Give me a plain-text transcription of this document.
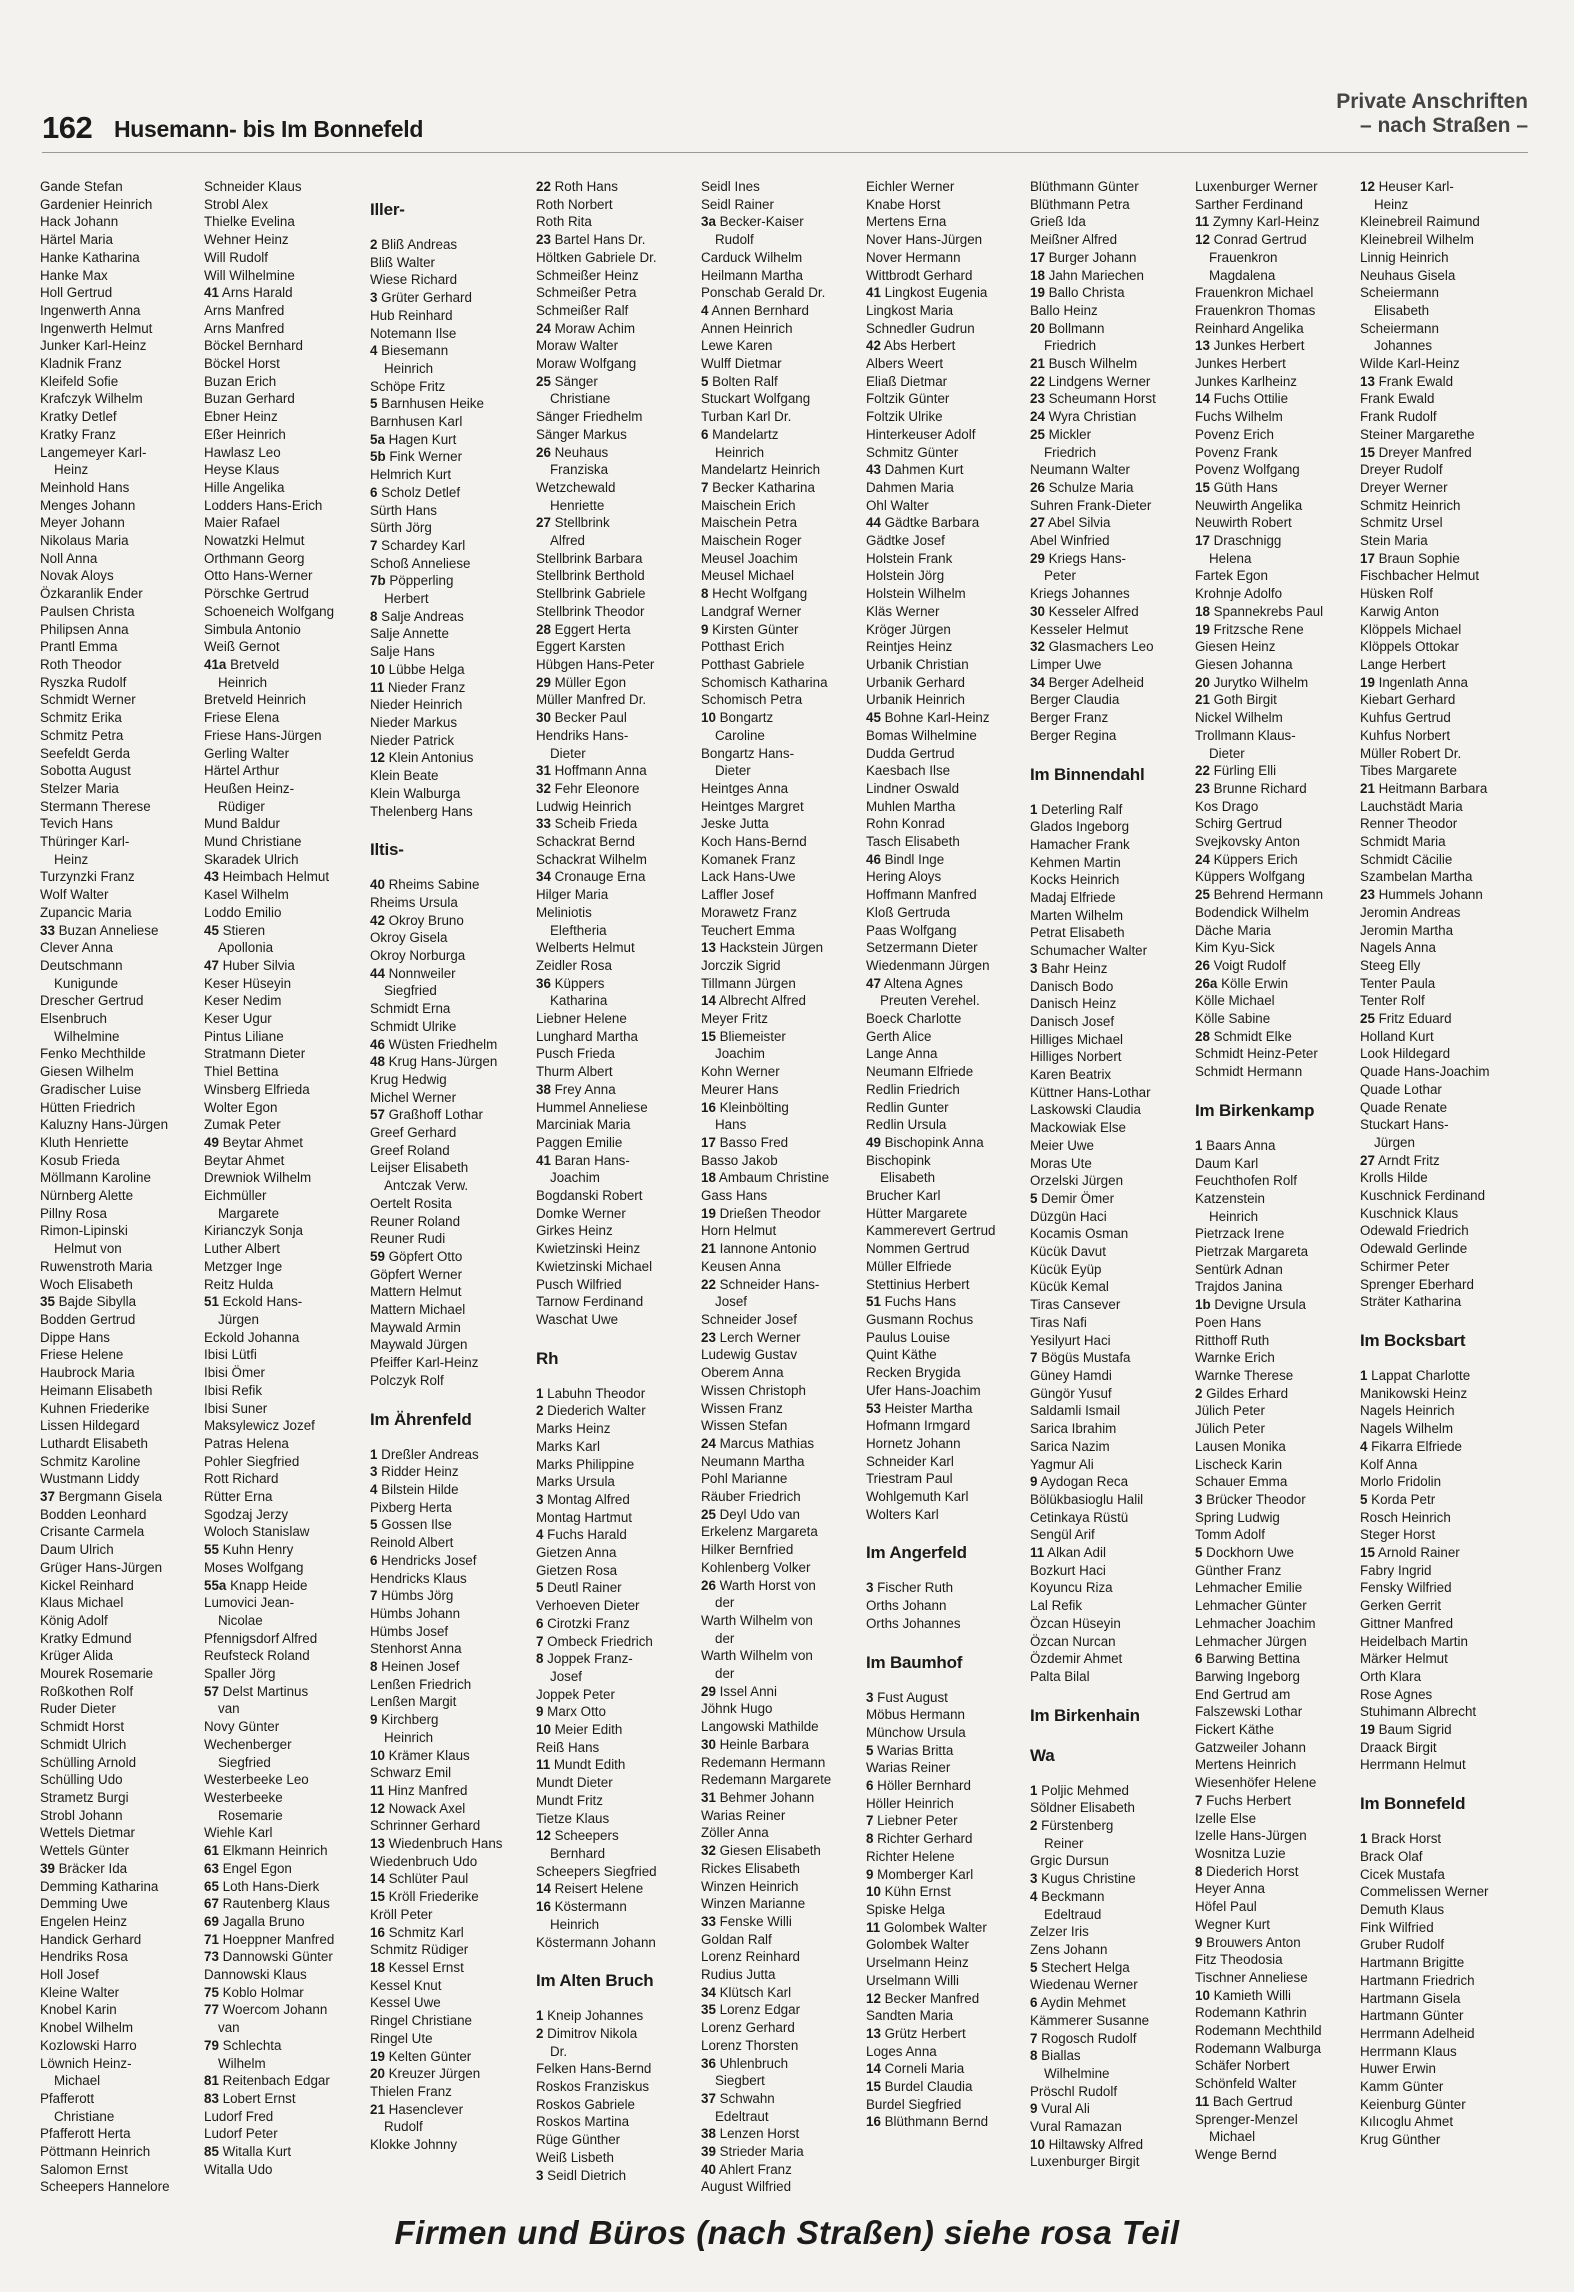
162 Husemann- bis Im Bonnefeld
Private Anschriften
– nach Straßen –
Gande Stefan
Gardenier Heinrich
Hack Johann
Härtel Maria
Hanke Katharina
Hanke Max
Holl Gertrud
Ingenwerth Anna
Ingenwerth Helmut
Junker Karl-Heinz
Kladnik Franz
Kleifeld Sofie
Krafczyk Wilhelm
Kratky Detlef
Kratky Franz
Langemeyer Karl-
Heinz
Meinhold Hans
Menges Johann
Meyer Johann
Nikolaus Maria
Noll Anna
Novak Aloys
Özkaranlik Ender
Paulsen Christa
Philipsen Anna
Prantl Emma
Roth Theodor
Ryszka Rudolf
Schmidt Werner
Schmitz Erika
Schmitz Petra
Seefeldt Gerda
Sobotta August
Stelzer Maria
Stermann Therese
Tevich Hans
Thüringer Karl-
Heinz
Turzynzki Franz
Wolf Walter
Zupancic Maria
33 Buzan Anneliese
Clever Anna
Deutschmann
Kunigunde
Drescher Gertrud
Elsenbruch
Wilhelmine
Fenko Mechthilde
Giesen Wilhelm
Gradischer Luise
Hütten Friedrich
Kaluzny Hans-Jürgen
Kluth Henriette
Kosub Frieda
Möllmann Karoline
Nürnberg Alette
Pillny Rosa
Rimon-Lipinski
Helmut von
Ruwenstroth Maria
Woch Elisabeth
35 Bajde Sibylla
Bodden Gertrud
Dippe Hans
Friese Helene
Haubrock Maria
Heimann Elisabeth
Kuhnen Friederike
Lissen Hildegard
Luthardt Elisabeth
Schmitz Karoline
Wustmann Liddy
37 Bergmann Gisela
Bodden Leonhard
Crisante Carmela
Daum Ulrich
Grüger Hans-Jürgen
Kickel Reinhard
Klaus Michael
König Adolf
Kratky Edmund
Krüger Alida
Mourek Rosemarie
Roßkothen Rolf
Ruder Dieter
Schmidt Horst
Schmidt Ulrich
Schülling Arnold
Schülling Udo
Strametz Burgi
Strobl Johann
Wettels Dietmar
Wettels Günter
39 Bräcker Ida
Demming Katharina
Demming Uwe
Engelen Heinz
Handick Gerhard
Hendriks Rosa
Holl Josef
Kleine Walter
Knobel Karin
Knobel Wilhelm
Kozlowski Harro
Löwnich Heinz-
Michael
Pfafferott
Christiane
Pfafferott Herta
Pöttmann Heinrich
Salomon Ernst
Scheepers Hannelore
Schneider Klaus
Strobl Alex
Thielke Evelina
Wehner Heinz
Will Rudolf
Will Wilhelmine
41 Arns Harald
Arns Manfred
Arns Manfred
Böckel Bernhard
Böckel Horst
Buzan Erich
Buzan Gerhard
Ebner Heinz
Eßer Heinrich
Hawlasz Leo
Heyse Klaus
Hille Angelika
Lodders Hans-Erich
Maier Rafael
Nowatzki Helmut
Orthmann Georg
Otto Hans-Werner
Pörschke Gertrud
Schoeneich Wolfgang
Simbula Antonio
Weiß Gernot
41a Bretveld
Heinrich
Bretveld Heinrich
Friese Elena
Friese Hans-Jürgen
Gerling Walter
Härtel Arthur
Heußen Heinz-
Rüdiger
Mund Baldur
Mund Christiane
Skaradek Ulrich
43 Heimbach Helmut
Kasel Wilhelm
Loddo Emilio
45 Stieren
Apollonia
47 Huber Silvia
Keser Hüseyin
Keser Nedim
Keser Ugur
Pintus Liliane
Stratmann Dieter
Thiel Bettina
Winsberg Elfrieda
Wolter Egon
Zumak Peter
49 Beytar Ahmet
Beytar Ahmet
Drewniok Wilhelm
Eichmüller
Margarete
Kirianczyk Sonja
Luther Albert
Metzger Inge
Reitz Hulda
51 Eckold Hans-
Jürgen
Eckold Johanna
Ibisi Lütfi
Ibisi Ömer
Ibisi Refik
Ibisi Suner
Maksylewicz Jozef
Patras Helena
Pohler Siegfried
Rott Richard
Rütter Erna
Sgodzaj Jerzy
Woloch Stanislaw
55 Kuhn Henry
Moses Wolfgang
55a Knapp Heide
Lumovici Jean-
Nicolae
Pfennigsdorf Alfred
Reufsteck Roland
Spaller Jörg
57 Delst Martinus
van
Novy Günter
Wechenberger
Siegfried
Westerbeeke Leo
Westerbeeke
Rosemarie
Wiehle Karl
61 Elkmann Heinrich
63 Engel Egon
65 Loth Hans-Dierk
67 Rautenberg Klaus
69 Jagalla Bruno
71 Hoeppner Manfred
73 Dannowski Günter
Dannowski Klaus
75 Koblo Holmar
77 Woercom Johann
van
79 Schlechta
Wilhelm
81 Reitenbach Edgar
83 Lobert Ernst
Ludorf Fred
Ludorf Peter
85 Witalla Kurt
Witalla Udo
Iller-
2 Bliß Andreas
Bliß Walter
Wiese Richard
3 Grüter Gerhard
Hub Reinhard
Notemann Ilse
4 Biesemann
Heinrich
Schöpe Fritz
5 Barnhusen Heike
Barnhusen Karl
5a Hagen Kurt
5b Fink Werner
Helmrich Kurt
6 Scholz Detlef
Sürth Hans
Sürth Jörg
7 Schardey Karl
Schoß Anneliese
7b Pöpperling
Herbert
8 Salje Andreas
Salje Annette
Salje Hans
10 Lübbe Helga
11 Nieder Franz
Nieder Heinrich
Nieder Markus
Nieder Patrick
12 Klein Antonius
Klein Beate
Klein Walburga
Thelenberg Hans
Iltis-
40 Rheims Sabine
Rheims Ursula
42 Okroy Bruno
Okroy Gisela
Okroy Norburga
44 Nonnweiler
Siegfried
Schmidt Erna
Schmidt Ulrike
46 Wüsten Friedhelm
48 Krug Hans-Jürgen
Krug Hedwig
Michel Werner
57 Graßhoff Lothar
Greef Gerhard
Greef Roland
Leijser Elisabeth
Antczak Verw.
Oertelt Rosita
Reuner Roland
Reuner Rudi
59 Göpfert Otto
Göpfert Werner
Mattern Helmut
Mattern Michael
Maywald Armin
Maywald Jürgen
Pfeiffer Karl-Heinz
Polczyk Rolf
Im Ährenfeld
1 Dreßler Andreas
3 Ridder Heinz
4 Bilstein Hilde
Pixberg Herta
5 Gossen Ilse
Reinold Albert
6 Hendricks Josef
Hendricks Klaus
7 Hümbs Jörg
Hümbs Johann
Hümbs Josef
Stenhorst Anna
8 Heinen Josef
Lenßen Friedrich
Lenßen Margit
9 Kirchberg
Heinrich
10 Krämer Klaus
Schwarz Emil
11 Hinz Manfred
12 Nowack Axel
Schrinner Gerhard
13 Wiedenbruch Hans
Wiedenbruch Udo
14 Schlüter Paul
15 Kröll Friederike
Kröll Peter
16 Schmitz Karl
Schmitz Rüdiger
18 Kessel Ernst
Kessel Knut
Kessel Uwe
Ringel Christiane
Ringel Ute
19 Kelten Günter
20 Kreuzer Jürgen
Thielen Franz
21 Hasenclever
Rudolf
Klokke Johnny
22 Roth Hans
Roth Norbert
Roth Rita
23 Bartel Hans Dr.
Höltken Gabriele Dr.
Schmeißer Heinz
Schmeißer Petra
Schmeißer Ralf
24 Moraw Achim
Moraw Walter
Moraw Wolfgang
25 Sänger
Christiane
Sänger Friedhelm
Sänger Markus
26 Neuhaus
Franziska
Wetzchewald
Henriette
27 Stellbrink
Alfred
Stellbrink Barbara
Stellbrink Berthold
Stellbrink Gabriele
Stellbrink Theodor
28 Eggert Herta
Eggert Karsten
Hübgen Hans-Peter
29 Müller Egon
Müller Manfred Dr.
30 Becker Paul
Hendriks Hans-
Dieter
31 Hoffmann Anna
32 Fehr Eleonore
Ludwig Heinrich
33 Scheib Frieda
Schackrat Bernd
Schackrat Wilhelm
34 Cronauge Erna
Hilger Maria
Meliniotis
Eleftheria
Welberts Helmut
Zeidler Rosa
36 Küppers
Katharina
Liebner Helene
Lunghard Martha
Pusch Frieda
Thurm Albert
38 Frey Anna
Hummel Anneliese
Marciniak Maria
Paggen Emilie
41 Baran Hans-
Joachim
Bogdanski Robert
Domke Werner
Girkes Heinz
Kwietzinski Heinz
Kwietzinski Michael
Pusch Wilfried
Tarnow Ferdinand
Waschat Uwe
Rh
1 Labuhn Theodor
2 Diederich Walter
Marks Heinz
Marks Karl
Marks Philippine
Marks Ursula
3 Montag Alfred
Montag Hartmut
4 Fuchs Harald
Gietzen Anna
Gietzen Rosa
5 Deutl Rainer
Verhoeven Dieter
6 Cirotzki Franz
7 Ombeck Friedrich
8 Joppek Franz-
Josef
Joppek Peter
9 Marx Otto
10 Meier Edith
Reiß Hans
11 Mundt Edith
Mundt Dieter
Mundt Fritz
Tietze Klaus
12 Scheepers
Bernhard
Scheepers Siegfried
14 Reisert Helene
16 Köstermann
Heinrich
Köstermann Johann
Im Alten Bruch
1 Kneip Johannes
2 Dimitrov Nikola
Dr.
Felken Hans-Bernd
Roskos Franziskus
Roskos Gabriele
Roskos Martina
Rüge Günther
Weiß Lisbeth
3 Seidl Dietrich
Seidl Ines
Seidl Rainer
3a Becker-Kaiser
Rudolf
Carduck Wilhelm
Heilmann Martha
Ponschab Gerald Dr.
4 Annen Bernhard
Annen Heinrich
Lewe Karen
Wulff Dietmar
5 Bolten Ralf
Stuckart Wolfgang
Turban Karl Dr.
6 Mandelartz
Heinrich
Mandelartz Heinrich
7 Becker Katharina
Maischein Erich
Maischein Petra
Maischein Roger
Meusel Joachim
Meusel Michael
8 Hecht Wolfgang
Landgraf Werner
9 Kirsten Günter
Potthast Erich
Potthast Gabriele
Schomisch Katharina
Schomisch Petra
10 Bongartz
Caroline
Bongartz Hans-
Dieter
Heintges Anna
Heintges Margret
Jeske Jutta
Koch Hans-Bernd
Komanek Franz
Lack Hans-Uwe
Laffler Josef
Morawetz Franz
Teuchert Emma
13 Hackstein Jürgen
Jorczik Sigrid
Tillmann Jürgen
14 Albrecht Alfred
Meyer Fritz
15 Bliemeister
Joachim
Kohn Werner
Meurer Hans
16 Kleinbölting
Hans
17 Basso Fred
Basso Jakob
18 Ambaum Christine
Gass Hans
19 Drießen Theodor
Horn Helmut
21 Iannone Antonio
Keusen Anna
22 Schneider Hans-
Josef
Schneider Josef
23 Lerch Werner
Ludewig Gustav
Oberem Anna
Wissen Christoph
Wissen Franz
Wissen Stefan
24 Marcus Mathias
Neumann Martha
Pohl Marianne
Räuber Friedrich
25 Deyl Udo van
Erkelenz Margareta
Hilker Bernfried
Kohlenberg Volker
26 Warth Horst von
der
Warth Wilhelm von
der
Warth Wilhelm von
der
29 Issel Anni
Jöhnk Hugo
Langowski Mathilde
30 Heinle Barbara
Redemann Hermann
Redemann Margarete
31 Behmer Johann
Warias Reiner
Zöller Anna
32 Giesen Elisabeth
Rickes Elisabeth
Winzen Heinrich
Winzen Marianne
33 Fenske Willi
Goldan Ralf
Lorenz Reinhard
Rudius Jutta
34 Klütsch Karl
35 Lorenz Edgar
Lorenz Gerhard
Lorenz Thorsten
36 Uhlenbruch
Siegbert
37 Schwahn
Edeltraut
38 Lenzen Horst
39 Strieder Maria
40 Ahlert Franz
August Wilfried
Eichler Werner
Knabe Horst
Mertens Erna
Nover Hans-Jürgen
Nover Hermann
Wittbrodt Gerhard
41 Lingkost Eugenia
Lingkost Maria
Schnedler Gudrun
42 Abs Herbert
Albers Weert
Eliaß Dietmar
Foltzik Günter
Foltzik Ulrike
Hinterkeuser Adolf
Schmitz Günter
43 Dahmen Kurt
Dahmen Maria
Ohl Walter
44 Gädtke Barbara
Gädtke Josef
Holstein Frank
Holstein Jörg
Holstein Wilhelm
Kläs Werner
Kröger Jürgen
Reintjes Heinz
Urbanik Christian
Urbanik Gerhard
Urbanik Heinrich
45 Bohne Karl-Heinz
Bomas Wilhelmine
Dudda Gertrud
Kaesbach Ilse
Lindner Oswald
Muhlen Martha
Rohn Konrad
Tasch Elisabeth
46 Bindl Inge
Hering Aloys
Hoffmann Manfred
Kloß Gertruda
Paas Wolfgang
Setzermann Dieter
Wiedenmann Jürgen
47 Altena Agnes
Preuten Verehel.
Boeck Charlotte
Gerth Alice
Lange Anna
Neumann Elfriede
Redlin Friedrich
Redlin Gunter
Redlin Ursula
49 Bischopink Anna
Bischopink
Elisabeth
Brucher Karl
Hütter Margarete
Kammerevert Gertrud
Nommen Gertrud
Müller Elfriede
Stettinius Herbert
51 Fuchs Hans
Gusmann Rochus
Paulus Louise
Quint Käthe
Recken Brygida
Ufer Hans-Joachim
53 Heister Martha
Hofmann Irmgard
Hornetz Johann
Schneider Karl
Triestram Paul
Wohlgemuth Karl
Wolters Karl
Im Angerfeld
3 Fischer Ruth
Orths Johann
Orths Johannes
Im Baumhof
3 Fust August
Möbus Hermann
Münchow Ursula
5 Warias Britta
Warias Reiner
6 Höller Bernhard
Höller Heinrich
7 Liebner Peter
8 Richter Gerhard
Richter Helene
9 Momberger Karl
10 Kühn Ernst
Spiske Helga
11 Golombek Walter
Golombek Walter
Urselmann Heinz
Urselmann Willi
12 Becker Manfred
Sandten Maria
13 Grütz Herbert
Loges Anna
14 Corneli Maria
15 Burdel Claudia
Burdel Siegfried
16 Blüthmann Bernd
Blüthmann Günter
Blüthmann Petra
Grieß Ida
Meißner Alfred
17 Burger Johann
18 Jahn Mariechen
19 Ballo Christa
Ballo Heinz
20 Bollmann
Friedrich
21 Busch Wilhelm
22 Lindgens Werner
23 Scheumann Horst
24 Wyra Christian
25 Mickler
Friedrich
Neumann Walter
26 Schulze Maria
Suhren Frank-Dieter
27 Abel Silvia
Abel Winfried
29 Kriegs Hans-
Peter
Kriegs Johannes
30 Kesseler Alfred
Kesseler Helmut
32 Glasmachers Leo
Limper Uwe
34 Berger Adelheid
Berger Claudia
Berger Franz
Berger Regina
Im Binnendahl
1 Deterling Ralf
Glados Ingeborg
Hamacher Frank
Kehmen Martin
Kocks Heinrich
Madaj Elfriede
Marten Wilhelm
Petrat Elisabeth
Schumacher Walter
3 Bahr Heinz
Danisch Bodo
Danisch Heinz
Danisch Josef
Hilliges Michael
Hilliges Norbert
Karen Beatrix
Küttner Hans-Lothar
Laskowski Claudia
Mackowiak Else
Meier Uwe
Moras Ute
Orzelski Jürgen
5 Demir Ömer
Düzgün Haci
Kocamis Osman
Kücük Davut
Kücük Eyüp
Kücük Kemal
Tiras Cansever
Tiras Nafi
Yesilyurt Haci
7 Bögüs Mustafa
Güney Hamdi
Güngör Yusuf
Saldamli Ismail
Sarica Ibrahim
Sarica Nazim
Yagmur Ali
9 Aydogan Reca
Bölükbasioglu Halil
Cetinkaya Rüstü
Sengül Arif
11 Alkan Adil
Bozkurt Haci
Koyuncu Riza
Lal Refik
Özcan Hüseyin
Özcan Nurcan
Özdemir Ahmet
Palta Bilal
Im Birkenhain
Wa
1 Poljic Mehmed
Söldner Elisabeth
2 Fürstenberg
Reiner
Grgic Dursun
3 Kugus Christine
4 Beckmann
Edeltraud
Zelzer Iris
Zens Johann
5 Stechert Helga
Wiedenau Werner
6 Aydin Mehmet
Kämmerer Susanne
7 Rogosch Rudolf
8 Biallas
Wilhelmine
Pröschl Rudolf
9 Vural Ali
Vural Ramazan
10 Hiltawsky Alfred
Luxenburger Birgit
Luxenburger Werner
Sarther Ferdinand
11 Zymny Karl-Heinz
12 Conrad Gertrud
Frauenkron
Magdalena
Frauenkron Michael
Frauenkron Thomas
Reinhard Angelika
13 Junkes Herbert
Junkes Herbert
Junkes Karlheinz
14 Fuchs Ottilie
Fuchs Wilhelm
Povenz Erich
Povenz Frank
Povenz Wolfgang
15 Güth Hans
Neuwirth Angelika
Neuwirth Robert
17 Draschnigg
Helena
Fartek Egon
Krohnje Adolfo
18 Spannekrebs Paul
19 Fritzsche Rene
Giesen Heinz
Giesen Johanna
20 Jurytko Wilhelm
21 Goth Birgit
Nickel Wilhelm
Trollmann Klaus-
Dieter
22 Fürling Elli
23 Brunne Richard
Kos Drago
Schirg Gertrud
Svejkovsky Anton
24 Küppers Erich
Küppers Wolfgang
25 Behrend Hermann
Bodendick Wilhelm
Däche Maria
Kim Kyu-Sick
26 Voigt Rudolf
26a Kölle Erwin
Kölle Michael
Kölle Sabine
28 Schmidt Elke
Schmidt Heinz-Peter
Schmidt Hermann
Im Birkenkamp
1 Baars Anna
Daum Karl
Feuchthofen Rolf
Katzenstein
Heinrich
Pietrzack Irene
Pietrzak Margareta
Sentürk Adnan
Trajdos Janina
1b Devigne Ursula
Poen Hans
Ritthoff Ruth
Warnke Erich
Warnke Therese
2 Gildes Erhard
Jülich Peter
Jülich Peter
Lausen Monika
Lischeck Karin
Schauer Emma
3 Brücker Theodor
Spring Ludwig
Tomm Adolf
5 Dockhorn Uwe
Günther Franz
Lehmacher Emilie
Lehmacher Günter
Lehmacher Joachim
Lehmacher Jürgen
6 Barwing Bettina
Barwing Ingeborg
End Gertrud am
Falszewski Lothar
Fickert Käthe
Gatzweiler Johann
Mertens Heinrich
Wiesenhöfer Helene
7 Fuchs Herbert
Izelle Else
Izelle Hans-Jürgen
Wosnitza Luzie
8 Diederich Horst
Heyer Anna
Höfel Paul
Wegner Kurt
9 Brouwers Anton
Fitz Theodosia
Tischner Anneliese
10 Kamieth Willi
Rodemann Kathrin
Rodemann Mechthild
Rodemann Walburga
Schäfer Norbert
Schönfeld Walter
11 Bach Gertrud
Sprenger-Menzel
Michael
Wenge Bernd
12 Heuser Karl-
Heinz
Kleinebreil Raimund
Kleinebreil Wilhelm
Linnig Heinrich
Neuhaus Gisela
Scheiermann
Elisabeth
Scheiermann
Johannes
Wilde Karl-Heinz
13 Frank Ewald
Frank Ewald
Frank Rudolf
Steiner Margarethe
15 Dreyer Manfred
Dreyer Rudolf
Dreyer Werner
Schmitz Heinrich
Schmitz Ursel
Stein Maria
17 Braun Sophie
Fischbacher Helmut
Hüsken Rolf
Karwig Anton
Klöppels Michael
Klöppels Ottokar
Lange Herbert
19 Ingenlath Anna
Kiebart Gerhard
Kuhfus Gertrud
Kuhfus Norbert
Müller Robert Dr.
Tibes Margarete
21 Heitmann Barbara
Lauchstädt Maria
Renner Theodor
Schmidt Maria
Schmidt Cäcilie
Szambelan Martha
23 Hummels Johann
Jeromin Andreas
Jeromin Martha
Nagels Anna
Steeg Elly
Tenter Paula
Tenter Rolf
25 Fritz Eduard
Holland Kurt
Look Hildegard
Quade Hans-Joachim
Quade Lothar
Quade Renate
Stuckart Hans-
Jürgen
27 Arndt Fritz
Krolls Hilde
Kuschnick Ferdinand
Kuschnick Klaus
Odewald Friedrich
Odewald Gerlinde
Schirmer Peter
Sprenger Eberhard
Sträter Katharina
Im Bocksbart
1 Lappat Charlotte
Manikowski Heinz
Nagels Heinrich
Nagels Wilhelm
4 Fikarra Elfriede
Kolf Anna
Morlo Fridolin
5 Korda Petr
Rosch Heinrich
Steger Horst
15 Arnold Rainer
Fabry Ingrid
Fensky Wilfried
Gerken Gerrit
Gittner Manfred
Heidelbach Martin
Märker Helmut
Orth Klara
Rose Agnes
Stuhimann Albrecht
19 Baum Sigrid
Draack Birgit
Herrmann Helmut
Im Bonnefeld
1 Brack Horst
Brack Olaf
Cicek Mustafa
Commelissen Werner
Demuth Klaus
Fink Wilfried
Gruber Rudolf
Hartmann Brigitte
Hartmann Friedrich
Hartmann Gisela
Hartmann Günter
Herrmann Adelheid
Herrmann Klaus
Huwer Erwin
Kamm Günter
Keienburg Günter
Kılıcoglu Ahmet
Krug Günther
Firmen und Büros (nach Straßen) siehe rosa Teil
